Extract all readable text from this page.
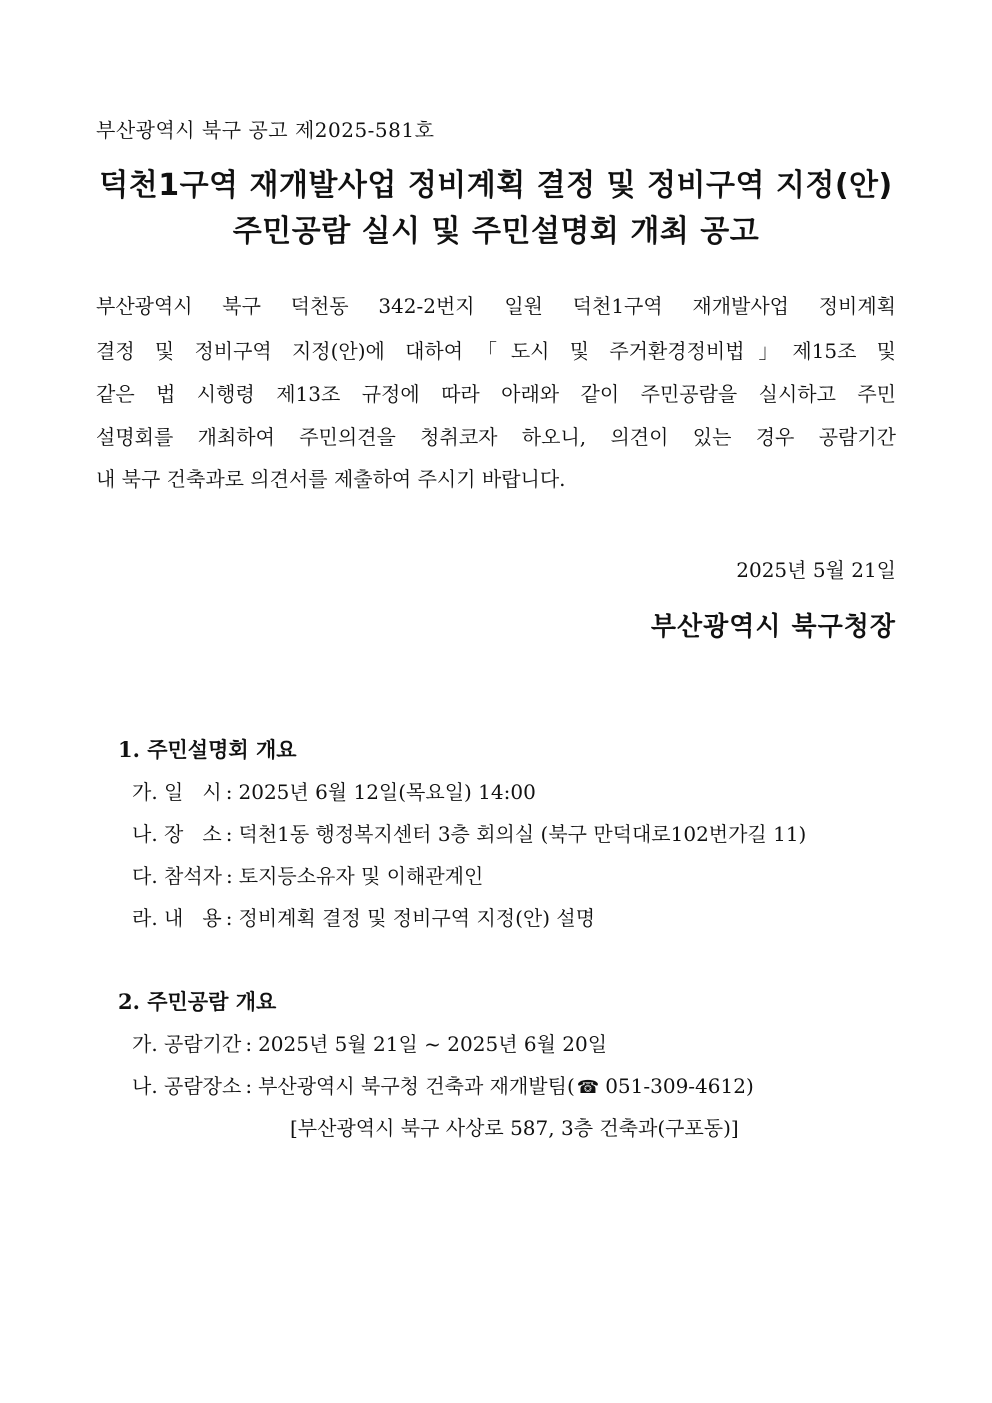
부산광역시 북구 공고 제2025-581호
덕천1구역 재개발사업 정비계획 결정 및 정비구역 지정(안)
주민공람 실시 및 주민설명회 개최 공고
부산광역시 북구 덕천동 342-2번지 일원 덕천1구역 재개발사업 정비계획
결정 및 정비구역 지정(안)에 대하여「도시 및 주거환경정비법」제15조 및
같은 법 시행령 제13조 규정에 따라 아래와 같이 주민공람을 실시하고 주민
설명회를 개최하여 주민의견을 청취코자 하오니, 의견이 있는 경우 공람기간
내 북구 건축과로 의견서를 제출하여 주시기 바랍니다.
2025년 5월 21일
부산광역시 북구청장
1. 주민설명회 개요
가. 일   시 : 2025년 6월 12일(목요일) 14:00
나. 장   소 : 덕천1동 행정복지센터 3층 회의실 (북구 만덕대로102번가길 11)
다. 참석자 : 토지등소유자 및 이해관계인
라. 내   용 : 정비계획 결정 및 정비구역 지정(안) 설명
2. 주민공람 개요
가. 공람기간 : 2025년 5월 21일 ~ 2025년 6월 20일
나. 공람장소 : 부산광역시 북구청 건축과 재개발팀( ☎ 051-309-4612)
[부산광역시 북구 사상로 587, 3층 건축과(구포동)]
